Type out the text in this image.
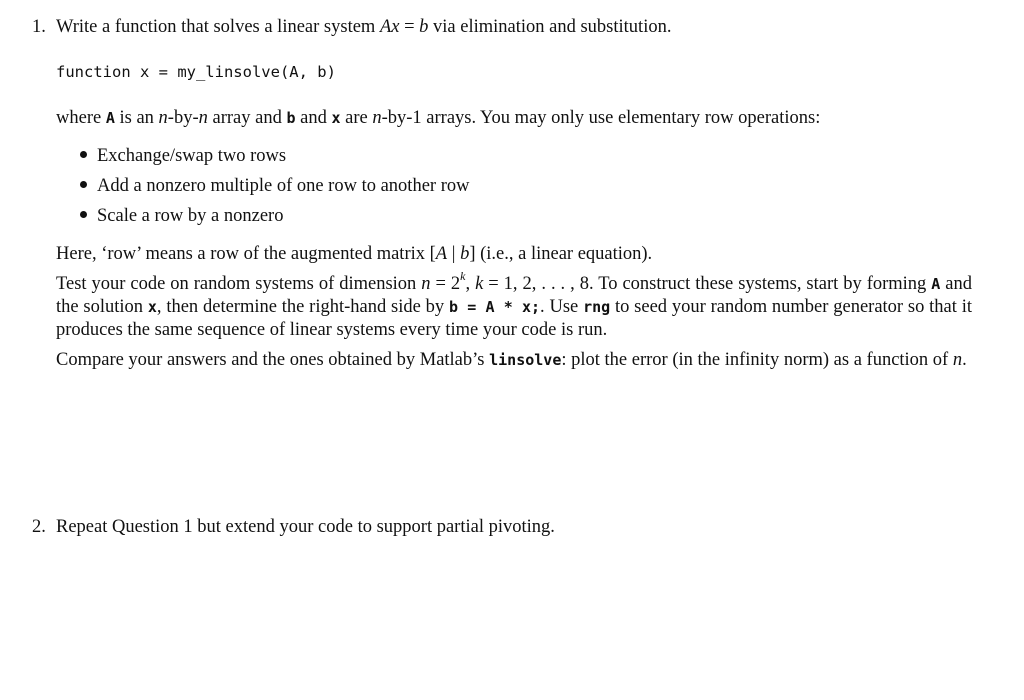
1. Write a function that solves a linear system Ax = b via elimination and substitution.
function x = my_linsolve(A, b)
where A is an n-by-n array and b and x are n-by-1 arrays. You may only use elementary row operations:
Exchange/swap two rows
Add a nonzero multiple of one row to another row
Scale a row by a nonzero
Here, ‘row’ means a row of the augmented matrix [A | b] (i.e., a linear equation).
Test your code on random systems of dimension $n = 2^k$, k = 1, 2, . . . , 8. To construct these systems, start by forming A and the solution x, then determine the right-hand side by b = A * x;. Use rng to seed your random number generator so that it produces the same sequence of linear systems every time your code is run.
Compare your answers and the ones obtained by Matlab’s linsolve: plot the error (in the infinity norm) as a function of n.
2. Repeat Question 1 but extend your code to support partial pivoting.
